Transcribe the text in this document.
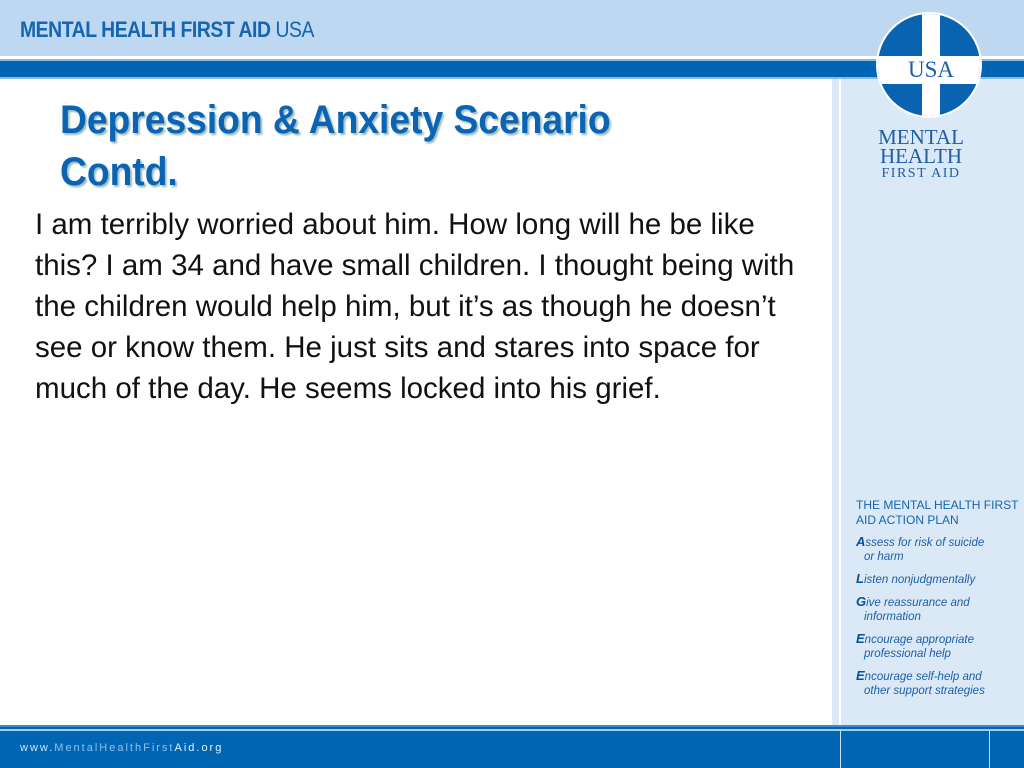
MENTAL HEALTH FIRST AID USA
USA
MENTAL
HEALTH
FIRST AID
Depression & Anxiety Scenario Contd.
I am terribly worried about him. How long will he be like this? I am 34 and have small children. I thought being with the children would help him, but it’s as though he doesn’t see or know them. He just sits and stares into space for much of the day. He seems locked into his grief.
THE MENTAL HEALTH FIRST AID ACTION PLAN
Assess for risk of suicide
or harm
Listen nonjudgmentally
Give reassurance and
information
Encourage appropriate
professional help
Encourage self-help and
other support strategies
www.MentalHealthFirstAid.org
